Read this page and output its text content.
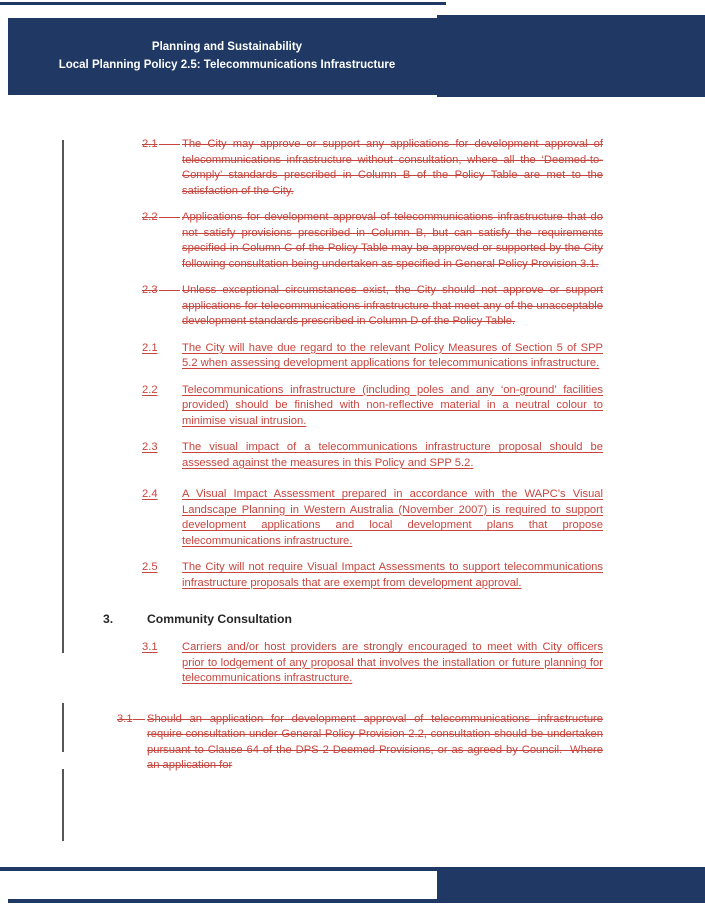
Planning and Sustainability
Local Planning Policy 2.5: Telecommunications Infrastructure
2.1 The City may approve or support any applications for development approval of telecommunications infrastructure without consultation, where all the ‘Deemed-to-Comply’ standards prescribed in Column B of the Policy Table are met to the satisfaction of the City.
2.2 Applications for development approval of telecommunications infrastructure that do not satisfy provisions prescribed in Column B, but can satisfy the requirements specified in Column C of the Policy Table may be approved or supported by the City following consultation being undertaken as specified in General Policy Provision 3.1.
2.3 Unless exceptional circumstances exist, the City should not approve or support applications for telecommunications infrastructure that meet any of the unacceptable development standards prescribed in Column D of the Policy Table.
2.1 The City will have due regard to the relevant Policy Measures of Section 5 of SPP 5.2 when assessing development applications for telecommunications infrastructure.
2.2 Telecommunications infrastructure (including poles and any ‘on-ground’ facilities provided) should be finished with non-reflective material in a neutral colour to minimise visual intrusion.
2.3 The visual impact of a telecommunications infrastructure proposal should be assessed against the measures in this Policy and SPP 5.2.
2.4 A Visual Impact Assessment prepared in accordance with the WAPC’s Visual Landscape Planning in Western Australia (November 2007) is required to support development applications and local development plans that propose telecommunications infrastructure.
2.5 The City will not require Visual Impact Assessments to support telecommunications infrastructure proposals that are exempt from development approval.
3.	Community Consultation
3.1 Carriers and/or host providers are strongly encouraged to meet with City officers prior to lodgement of any proposal that involves the installation or future planning for telecommunications infrastructure.
3.1 Should an application for development approval of telecommunications infrastructure require consultation under General Policy Provision 2.2, consultation should be undertaken pursuant to Clause 64 of the DPS 2 Deemed Provisions, or as agreed by Council.  Where an application for
